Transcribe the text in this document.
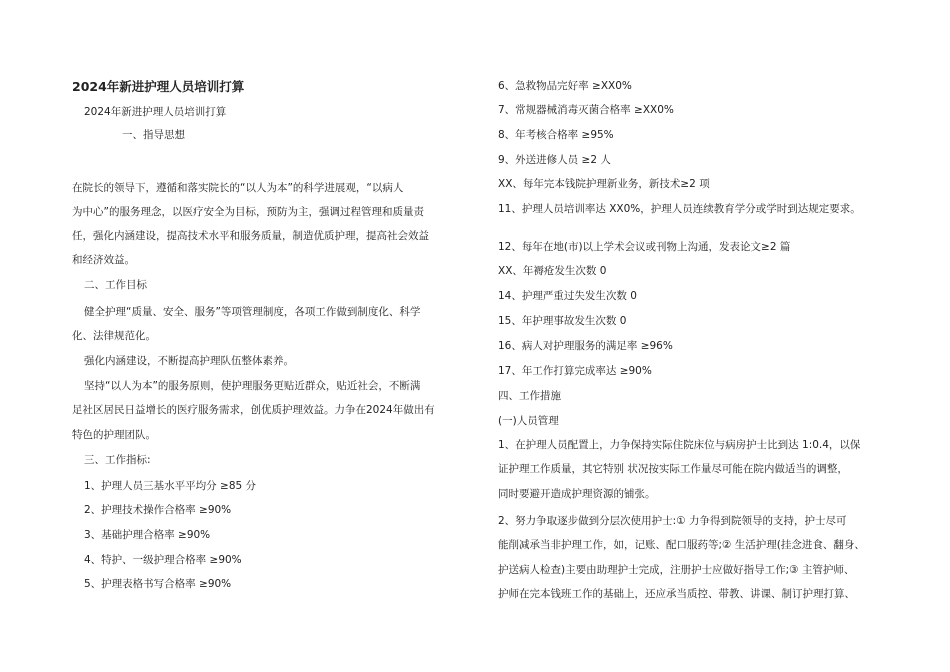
2024年新进护理人员培训打算
2024年新进护理人员培训打算
一、指导思想
在院长的领导下，遵循和落实院长的“以人为本”的科学进展观，“以病人
为中心”的服务理念，以医疗安全为目标，预防为主，强调过程管理和质量责
任，强化内涵建设，提高技术水平和服务质量，制造优质护理，提高社会效益
和经济效益。
二、工作目标
健全护理“质量、安全、服务”等项管理制度，各项工作做到制度化、科学
化、法律规范化。
强化内涵建设，不断提高护理队伍整体素养。
坚持“以人为本”的服务原则，使护理服务更贴近群众，贴近社会，不断满
足社区居民日益增长的医疗服务需求，创优质护理效益。力争在2024年做出有
特色的护理团队。
三、工作指标:
1、护理人员三基水平平均分 ≥85 分
2、护理技术操作合格率 ≥90%
3、基础护理合格率 ≥90%
4、特护、一级护理合格率 ≥90%
5、护理表格书写合格率 ≥90%
6、急救物品完好率 ≥XX0%
7、常规器械消毒灭菌合格率 ≥XX0%
8、年考核合格率 ≥95%
9、外送进修人员 ≥2 人
XX、每年完本钱院护理新业务，新技术≥2 项
11、护理人员培训率达 XX0%，护理人员连续教育学分或学时到达规定要求。
12、每年在地(市)以上学术会议或刊物上沟通，发表论文≥2 篇
XX、年褥疮发生次数 0
14、护理严重过失发生次数 0
15、年护理事故发生次数 0
16、病人对护理服务的满足率 ≥96%
17、年工作打算完成率达 ≥90%
四、工作措施
(一)人员管理
1、在护理人员配置上，力争保持实际住院床位与病房护士比到达 1:0.4，以保
证护理工作质量，其它特别 状况按实际工作量尽可能在院内做适当的调整，
同时要避开造成护理资源的铺张。
2、努力争取逐步做到分层次使用护士:① 力争得到院领导的支持，护士尽可
能削减承当非护理工作，如，记账、配口服药等;② 生活护理(挂念进食、翻身、
护送病人检查)主要由助理护士完成，注册护士应做好指导工作;③ 主管护师、
护师在完本钱班工作的基础上，还应承当质控、带教、讲课、制订护理打算、
